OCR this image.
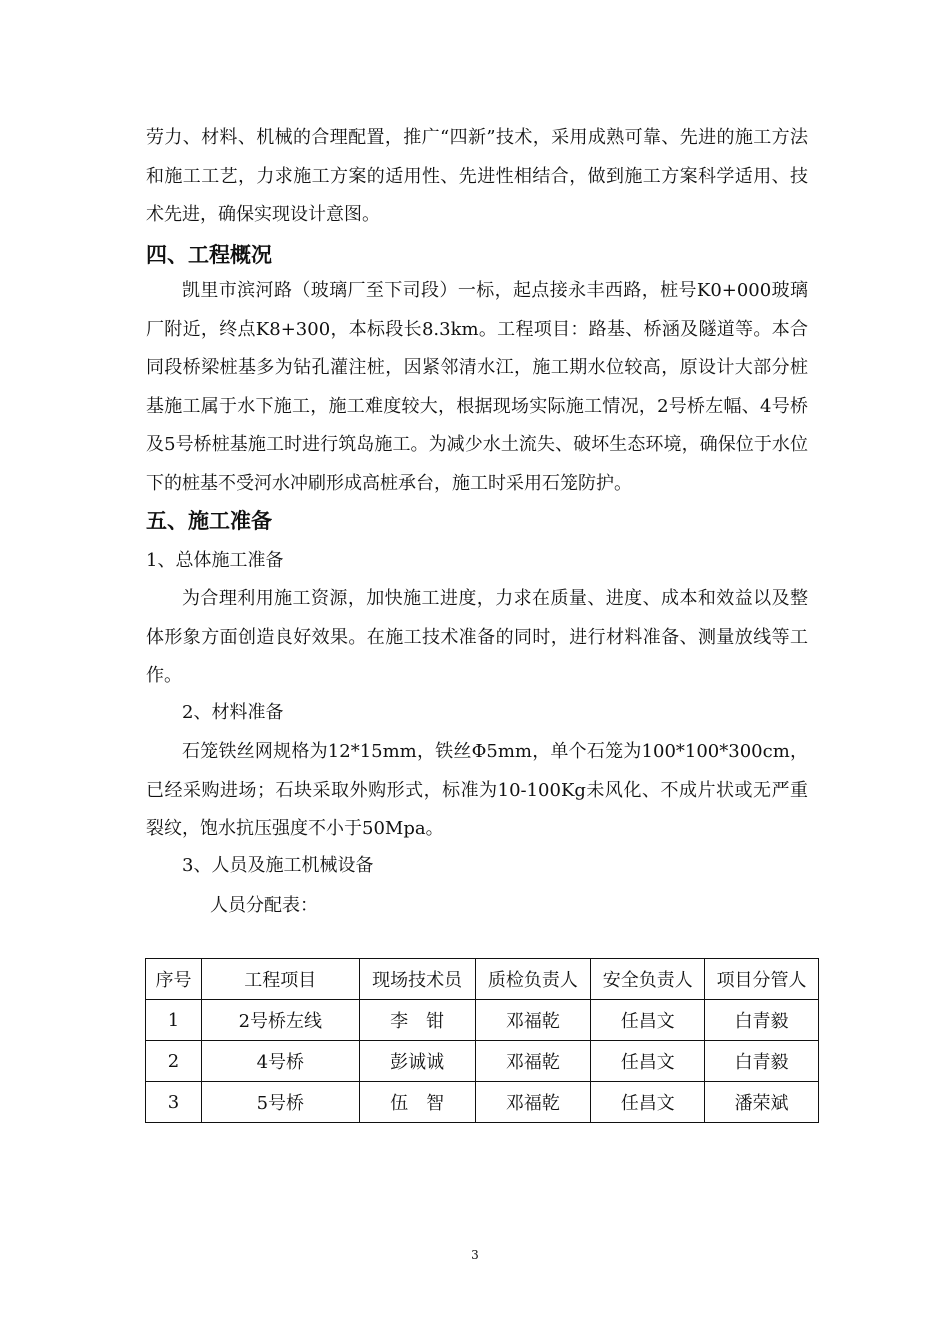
劳力、材料、机械的合理配置，推广“四新”技术，采用成熟可靠、先进的施工方法和施工工艺，力求施工方案的适用性、先进性相结合，做到施工方案科学适用、技术先进，确保实现设计意图。

四、工程概况

凯里市滨河路（玻璃厂至下司段）一标，起点接永丰西路，桩号K0+000玻璃厂附近，终点K8+300，本标段长8.3km。工程项目：路基、桥涵及隧道等。本合同段桥梁桩基多为钻孔灌注桩，因紧邻清水江，施工期水位较高，原设计大部分桩基施工属于水下施工，施工难度较大，根据现场实际施工情况，2号桥左幅、4号桥及5号桥桩基施工时进行筑岛施工。为减少水土流失、破坏生态环境，确保位于水位下的桩基不受河水冲刷形成高桩承台，施工时采用石笼防护。

五、施工准备

1、总体施工准备

为合理利用施工资源，加快施工进度，力求在质量、进度、成本和效益以及整体形象方面创造良好效果。在施工技术准备的同时，进行材料准备、测量放线等工作。

2、材料准备

石笼铁丝网规格为12*15mm，铁丝Φ5mm，单个石笼为100*100*300cm，已经采购进场；石块采取外购形式，标准为10-100Kg未风化、不成片状或无严重裂纹，饱水抗压强度不小于50Mpa。

3、人员及施工机械设备

人员分配表：

序号	工程项目	现场技术员	质检负责人	安全负责人	项目分管人
1	2号桥左线	李　钳	邓福乾	任昌文	白青毅
2	4号桥	彭诚诚	邓福乾	任昌文	白青毅
3	5号桥	伍　智	邓福乾	任昌文	潘荣斌
3
